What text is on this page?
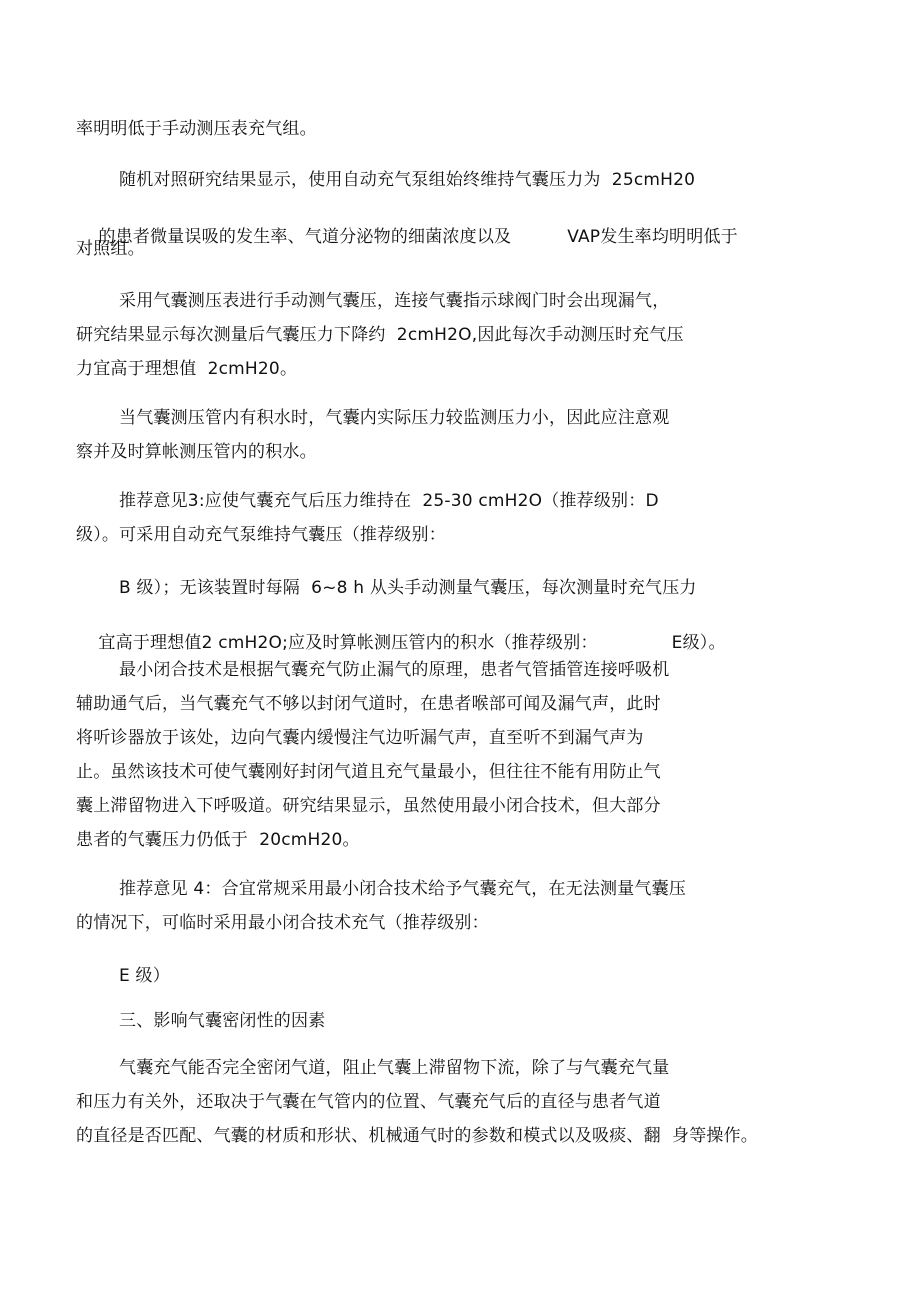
率明明低于手动测压表充气组。
随机对照研究结果显示，使用自动充气泵组始终维持气囊压力为  25cmH20

的患者微量误吸的发生率、气道分泌物的细菌浓度以及	VAP发生率均明明低于

对照组。
采用气囊测压表进行手动测气囊压，连接气囊指示球阀门时会出现漏气，
研究结果显示每次测量后气囊压力下降约  2cmH2O,因此每次手动测压时充气压
力宜高于理想值  2cmH20。
当气囊测压管内有积水时，气囊内实际压力较监测压力小，因此应注意观
察并及时算帐测压管内的积水。
推荐意见3:应使气囊充气后压力维持在  25-30 cmH2O（推荐级别：D
级）。可采用自动充气泵维持气囊压（推荐级别：
B 级）；无该装置时每隔  6~8 h 从头手动测量气囊压，每次测量时充气压力

宜高于理想值2 cmH2O;应及时算帐测压管内的积水（推荐级别：	E级）。

最小闭合技术是根据气囊充气防止漏气的原理，患者气管插管连接呼吸机
辅助通气后，当气囊充气不够以封闭气道时，在患者喉部可闻及漏气声，此时
将听诊器放于该处，边向气囊内缓慢注气边听漏气声，直至听不到漏气声为
止。虽然该技术可使气囊刚好封闭气道且充气量最小，但往往不能有用防止气
囊上滞留物进入下呼吸道。研究结果显示，虽然使用最小闭合技术，但大部分
患者的气囊压力仍低于  20cmH20。
推荐意见 4：合宜常规采用最小闭合技术给予气囊充气，在无法测量气囊压
的情况下，可临时采用最小闭合技术充气（推荐级别：
E 级）
三、影响气囊密闭性的因素
气囊充气能否完全密闭气道，阻止气囊上滞留物下流，除了与气囊充气量
和压力有关外，还取决于气囊在气管内的位置、气囊充气后的直径与患者气道
的直径是否匹配、气囊的材质和形状、机械通气时的参数和模式以及吸痰、翻  身等操作。
